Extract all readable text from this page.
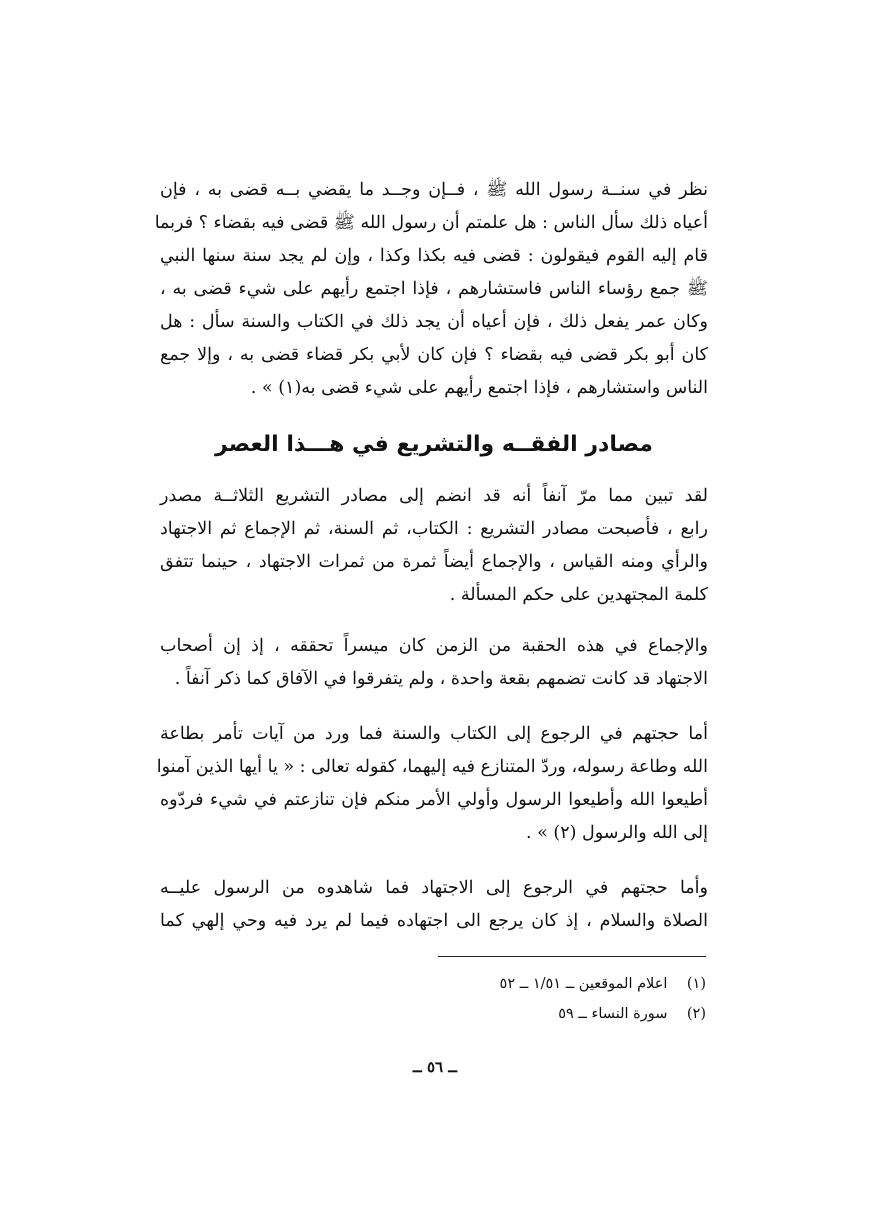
نظر في سنــة رسول الله ﷺ ، فــإن وجــد ما يقضي بــه قضى به ، فإن
أعياه ذلك سأل الناس : هل علمتم أن رسول الله ﷺ قضى فيه بقضاء ؟ فربما
قام إليه القوم فيقولون : قضى فيه بكذا وكذا ، وإن لم يجد سنة سنها النبي
ﷺ جمع رؤساء الناس فاستشارهم ، فإذا اجتمع رأيهم على شيء قضى به ،
وكان عمر يفعل ذلك ، فإن أعياه أن يجد ذلك في الكتاب والسنة سأل : هل
كان أبو بكر قضى فيه بقضاء ؟ فإن كان لأبي بكر قضاء قضى به ، وإلا جمع
الناس واستشارهم ، فإذا اجتمع رأيهم على شيء قضى به(١) » .
مصادر الفقــه والتشريع في هـــذا العصر
لقد تبين مما مرّ آنفاً أنه قد انضم إلى مصادر التشريع الثلاثــة مصدر
رابع ، فأصبحت مصادر التشريع : الكتاب، ثم السنة، ثم الإجماع ثم الاجتهاد
والرأي ومنه القياس ، والإجماع أيضاً ثمرة من ثمرات الاجتهاد ، حينما تتفق
كلمة المجتهدين على حكم المسألة .
والإجماع في هذه الحقبة من الزمن كان ميسراً تحققه ، إذ إن أصحاب
الاجتهاد قد كانت تضمهم بقعة واحدة ، ولم يتفرقوا في الآفاق كما ذكر آنفاً .
أما حجتهم في الرجوع إلى الكتاب والسنة فما ورد من آيات تأمر بطاعة
الله وطاعة رسوله، وردّ المتنازع فيه إليهما، كقوله تعالى : « يا أيها الذين آمنوا
أطيعوا الله وأطيعوا الرسول وأولي الأمر منكم فإن تنازعتم في شيء فردّوه
إلى الله والرسول (٢) » .
وأما حجتهم في الرجوع إلى الاجتهاد فما شاهدوه من الرسول عليــه
الصلاة والسلام ، إذ كان يرجع الى اجتهاده فيما لم يرد فيه وحي إلهي كما
(١) اعلام الموقعين ــ ١/٥١ ــ ٥٢
(٢) سورة النساء ــ ٥٩
ــ ٥٦ ــ
